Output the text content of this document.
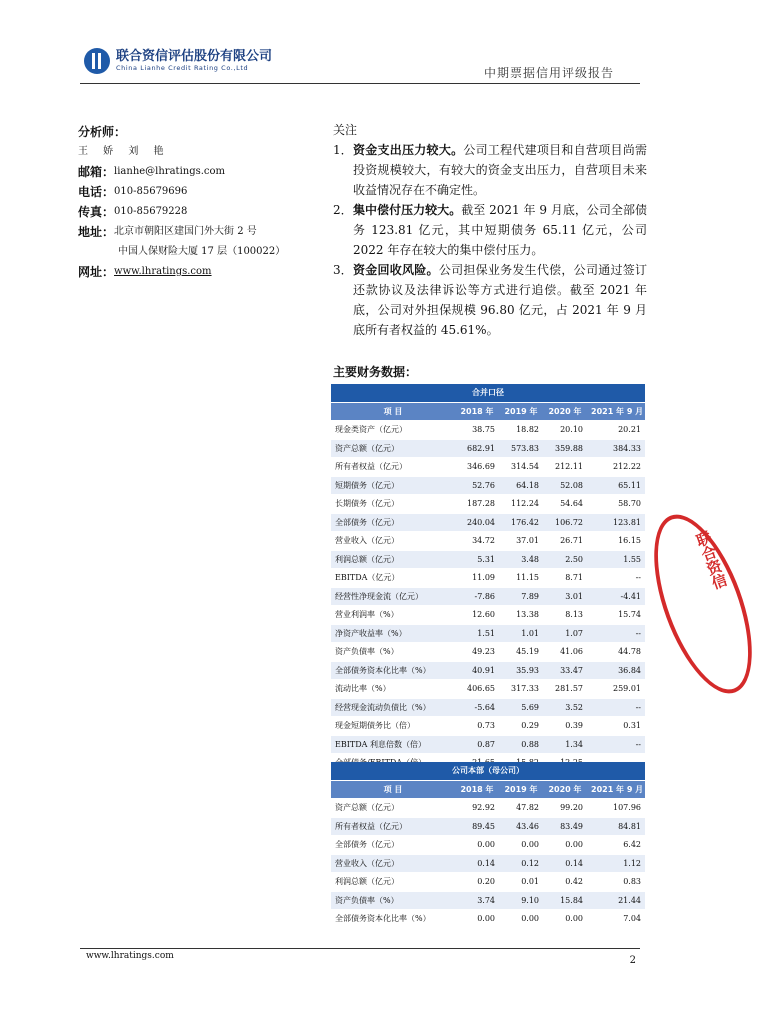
联合资信评估股份有限公司
China Lianhe Credit Rating Co.,Ltd	中期票据信用评级报告
分析师：
王 娇 刘 艳
邮箱： lianhe@lhratings.com
电话： 010-85679696
传真： 010-85679228
地址： 北京市朝阳区建国门外大街 2 号
中国人保财险大厦 17 层（100022）
网址： www.lhratings.com
关注
1． 资金支出压力较大。公司工程代建项目和自营项目尚需投资规模较大，有较大的资金支出压力，自营项目未来收益情况存在不确定性。
2． 集中偿付压力较大。截至 2021 年 9 月底，公司全部债务 123.81 亿元，其中短期债务 65.11 亿元，公司 2022 年存在较大的集中偿付压力。
3． 资金回收风险。公司担保业务发生代偿，公司通过签订还款协议及法律诉讼等方式进行追偿。截至 2021 年底，公司对外担保规模 96.80 亿元，占 2021 年 9 月底所有者权益的 45.61%。
主要财务数据：
合并口径				
项 目	2018 年	2019 年	2020 年	2021 年 9 月
现金类资产（亿元）	38.75	18.82	20.10	20.21
资产总额（亿元）	682.91	573.83	359.88	384.33
所有者权益（亿元）	346.69	314.54	212.11	212.22
短期债务（亿元）	52.76	64.18	52.08	65.11
长期债务（亿元）	187.28	112.24	54.64	58.70
全部债务（亿元）	240.04	176.42	106.72	123.81
营业收入（亿元）	34.72	37.01	26.71	16.15
利润总额（亿元）	5.31	3.48	2.50	1.55
EBITDA（亿元）	11.09	11.15	8.71	--
经营性净现金流（亿元）	-7.86	7.89	3.01	-4.41
营业利润率（%）	12.60	13.38	8.13	15.74
净资产收益率（%）	1.51	1.01	1.07	--
资产负债率（%）	49.23	45.19	41.06	44.78
全部债务资本化比率（%）	40.91	35.93	33.47	36.84
流动比率（%）	406.65	317.33	281.57	259.01
经营现金流动负债比（%）	-5.64	5.69	3.52	--
现金短期债务比（倍）	0.73	0.29	0.39	0.31
EBITDA 利息倍数（倍）	0.87	0.88	1.34	--

公司本部（母公司）				
项 目	2018 年	2019 年	2020 年	2021 年 9 月
资产总额（亿元）	92.92	47.82	99.20	107.96
所有者权益（亿元）	89.45	43.46	83.49	84.81
全部债务（亿元）	0.00	0.00	0.00	6.42
营业收入（亿元）	0.14	0.12	0.14	1.12
利润总额（亿元）	0.20	0.01	0.42	0.83
资产负债率（%）	3.74	9.10	15.84	21.44
全部债务资本化比率（%）	0.00	0.00	0.00	7.04
联合资信
www.lhratings.com	2
